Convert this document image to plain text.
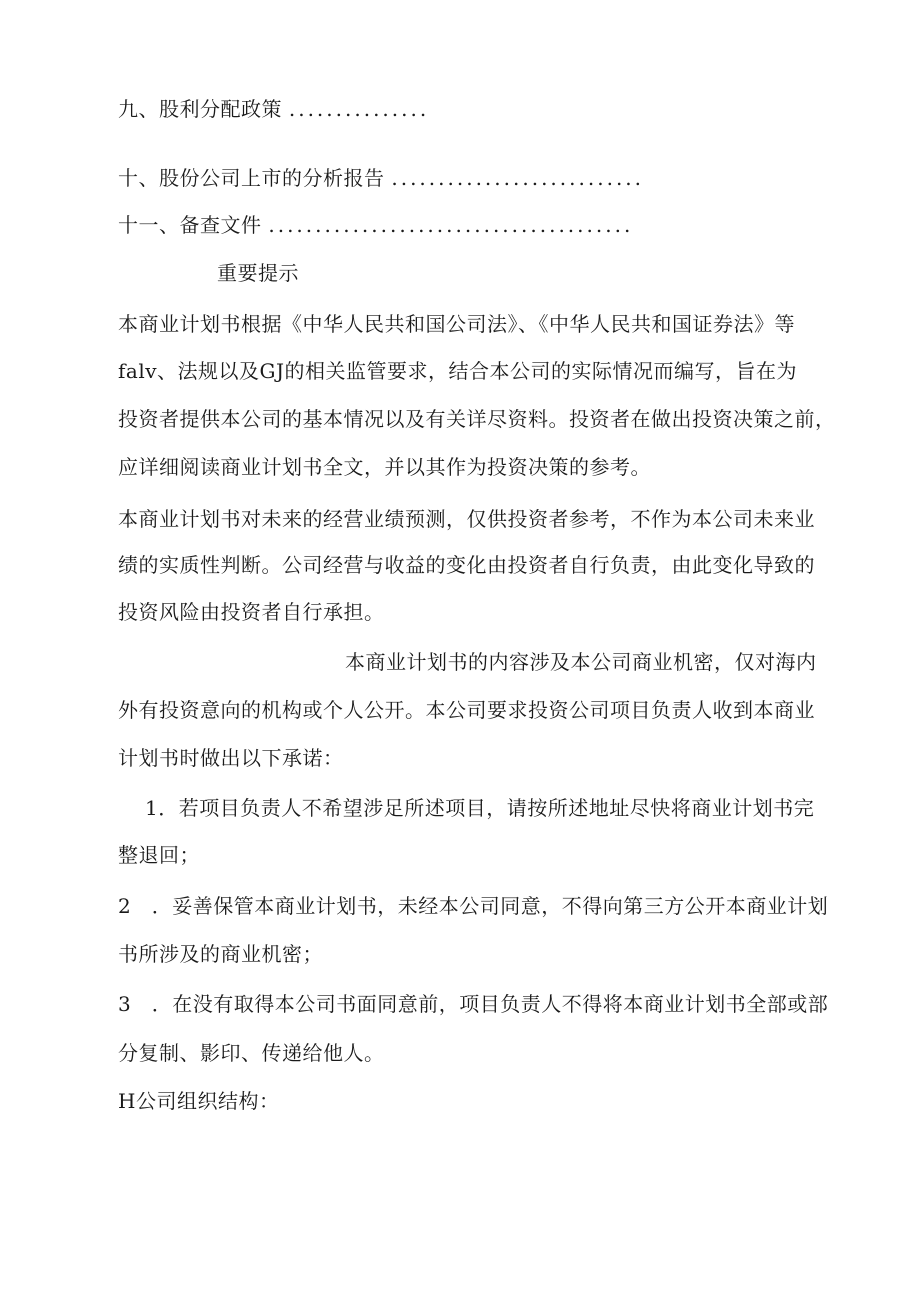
九、股利分配政策 ...............
十、股份公司上市的分析报告 ...........................
十一、备查文件 .......................................
重要提示
本商业计划书根据《中华人民共和国公司法》、《中华人民共和国证券法》等
falv、法规以及GJ的相关监管要求，结合本公司的实际情况而编写，旨在为
投资者提供本公司的基本情况以及有关详尽资料。投资者在做出投资决策之前，
应详细阅读商业计划书全文，并以其作为投资决策的参考。
本商业计划书对未来的经营业绩预测，仅供投资者参考，不作为本公司未来业
绩的实质性判断。公司经营与收益的变化由投资者自行负责，由此变化导致的
投资风险由投资者自行承担。
本商业计划书的内容涉及本公司商业机密，仅对海内
外有投资意向的机构或个人公开。本公司要求投资公司项目负责人收到本商业
计划书时做出以下承诺：
1．若项目负责人不希望涉足所述项目，请按所述地址尽快将商业计划书完
整退回；
2　．妥善保管本商业计划书，未经本公司同意，不得向第三方公开本商业计划
书所涉及的商业机密；
3　．在没有取得本公司书面同意前，项目负责人不得将本商业计划书全部或部
分复制、影印、传递给他人。
H公司组织结构：
